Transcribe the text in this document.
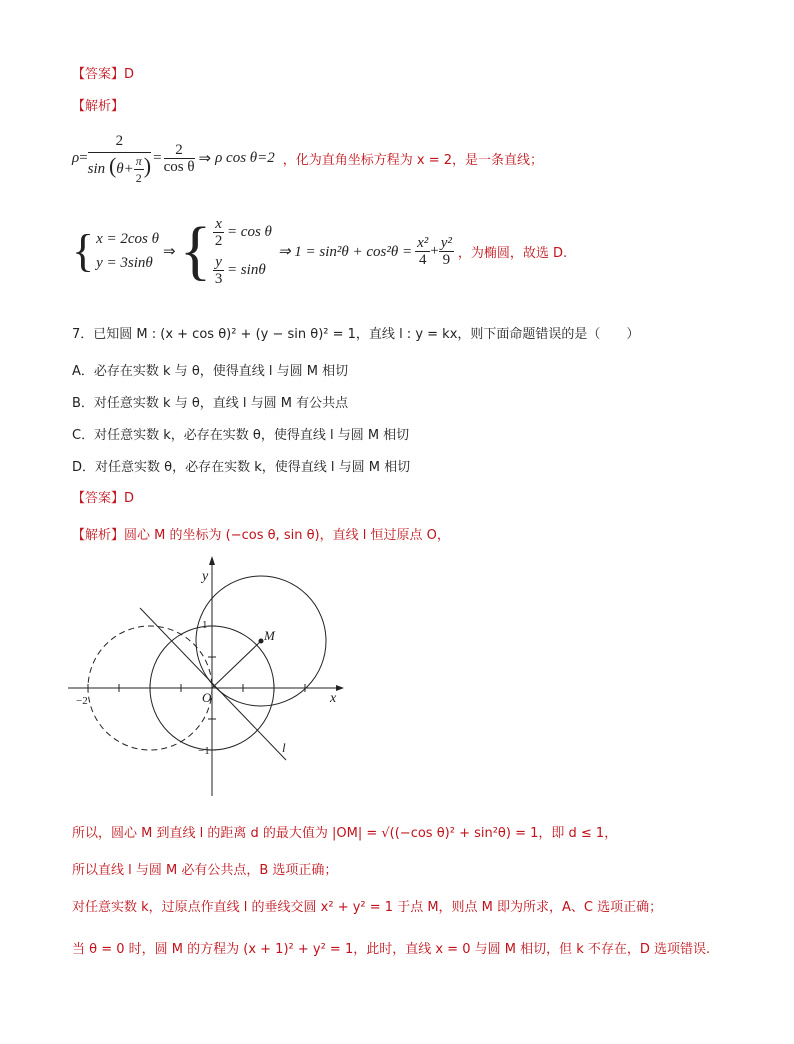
【答案】D
【解析】
$\rho = \frac{2}{\sin (\theta+ \frac{\pi}{2} )} = \frac{2}{\text{cos θ}}$ ⇒ ρ cos θ=2 ，化为直角坐标方程为 x = 2，是一条直线；
{ x = 2cos θ
y = 3sinθ
⇒ { $\frac{x}{2} = \cos \theta$
$\frac{y}{3} = \sin\theta$
⇒ $1 = \sin^2\theta + \cos^2\theta = \frac{\text{x²}}{4} + \frac{\text{y²}}{9}$ ，为椭圆，故选 D.
7．已知圆 M : (x + cos θ)² + (y − sin θ)² = 1，直线 l : y = kx，则下面命题错误的是（　　）
A．必存在实数 k 与 θ，使得直线 l 与圆 M 相切
B．对任意实数 k 与 θ，直线 l 与圆 M 有公共点
C．对任意实数 k，必存在实数 θ，使得直线 l 与圆 M 相切
D．对任意实数 θ，必存在实数 k，使得直线 l 与圆 M 相切
【答案】D
【解析】圆心 M 的坐标为 (−cos θ, sin θ)，直线 l 恒过原点 O，
y
x
O
M
l
1
−1
−2
所以，圆心 M 到直线 l 的距离 d 的最大值为 |OM| = √((−cos θ)² + sin²θ) = 1，即 d ≤ 1，
所以直线 l 与圆 M 必有公共点，B 选项正确；
对任意实数 k，过原点作直线 l 的垂线交圆 x² + y² = 1 于点 M，则点 M 即为所求，A、C 选项正确；
当 θ = 0 时，圆 M 的方程为 (x + 1)² + y² = 1，此时，直线 x = 0 与圆 M 相切，但 k 不存在，D 选项错误.
